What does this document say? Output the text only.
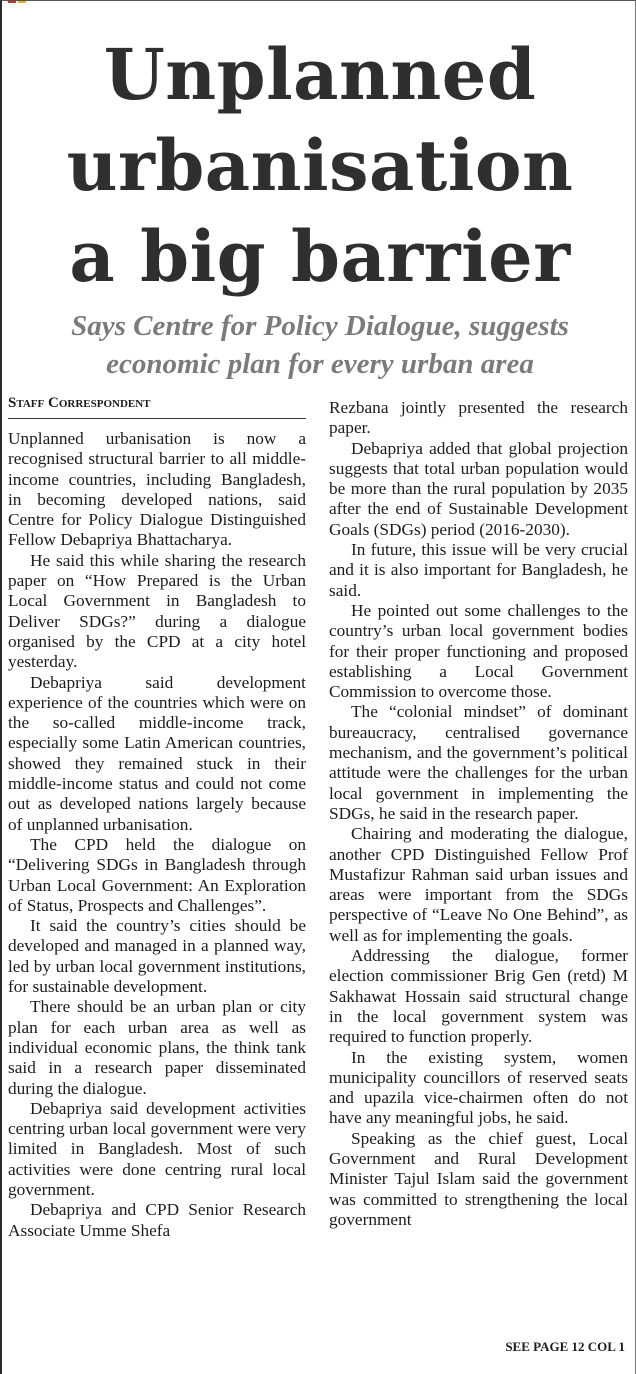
Unplanned
urbanisation
a big barrier
Says Centre for Policy Dialogue, suggests
economic plan for every urban area
Staff Correspondent

Unplanned urbanisation is now a recognised structural barrier to all middle-income countries, including Bangladesh, in becoming developed nations, said Centre for Policy Dialogue Distinguished Fellow Debapriya Bhattacharya.

He said this while sharing the research paper on “How Prepared is the Urban Local Government in Bangladesh to Deliver SDGs?” during a dialogue organised by the CPD at a city hotel yesterday.

Debapriya said development experience of the countries which were on the so-called middle-income track, especially some Latin American countries, showed they remained stuck in their middle-income status and could not come out as developed nations largely because of unplanned urbanisation.

The CPD held the dialogue on “Delivering SDGs in Bangladesh through Urban Local Government: An Exploration of Status, Prospects and Challenges”.

It said the country’s cities should be developed and managed in a planned way, led by urban local government institutions, for sustainable development.

There should be an urban plan or city plan for each urban area as well as individual economic plans, the think tank said in a research paper disseminated during the dialogue.

Debapriya said development activities centring urban local government were very limited in Bangladesh. Most of such activities were done centring rural local government.

Debapriya and CPD Senior Research Associate Umme Shefa

Rezbana jointly presented the research paper.

Debapriya added that global projection suggests that total urban population would be more than the rural population by 2035 after the end of Sustainable Development Goals (SDGs) period (2016-2030).

In future, this issue will be very crucial and it is also important for Bangladesh, he said.

He pointed out some challenges to the country’s urban local government bodies for their proper functioning and proposed establishing a Local Government Commission to overcome those.

The “colonial mindset” of dominant bureaucracy, centralised governance mechanism, and the government’s political attitude were the challenges for the urban local government in implementing the SDGs, he said in the research paper.

Chairing and moderating the dialogue, another CPD Distinguished Fellow Prof Mustafizur Rahman said urban issues and areas were important from the SDGs perspective of “Leave No One Behind”, as well as for implementing the goals.

Addressing the dialogue, former election commissioner Brig Gen (retd) M Sakhawat Hossain said structural change in the local government system was required to function properly.

In the existing system, women municipality councillors of reserved seats and upazila vice-chairmen often do not have any meaningful jobs, he said.

Speaking as the chief guest, Local Government and Rural Development Minister Tajul Islam said the government was committed to strengthening the local government

SEE PAGE 12 COL 1
